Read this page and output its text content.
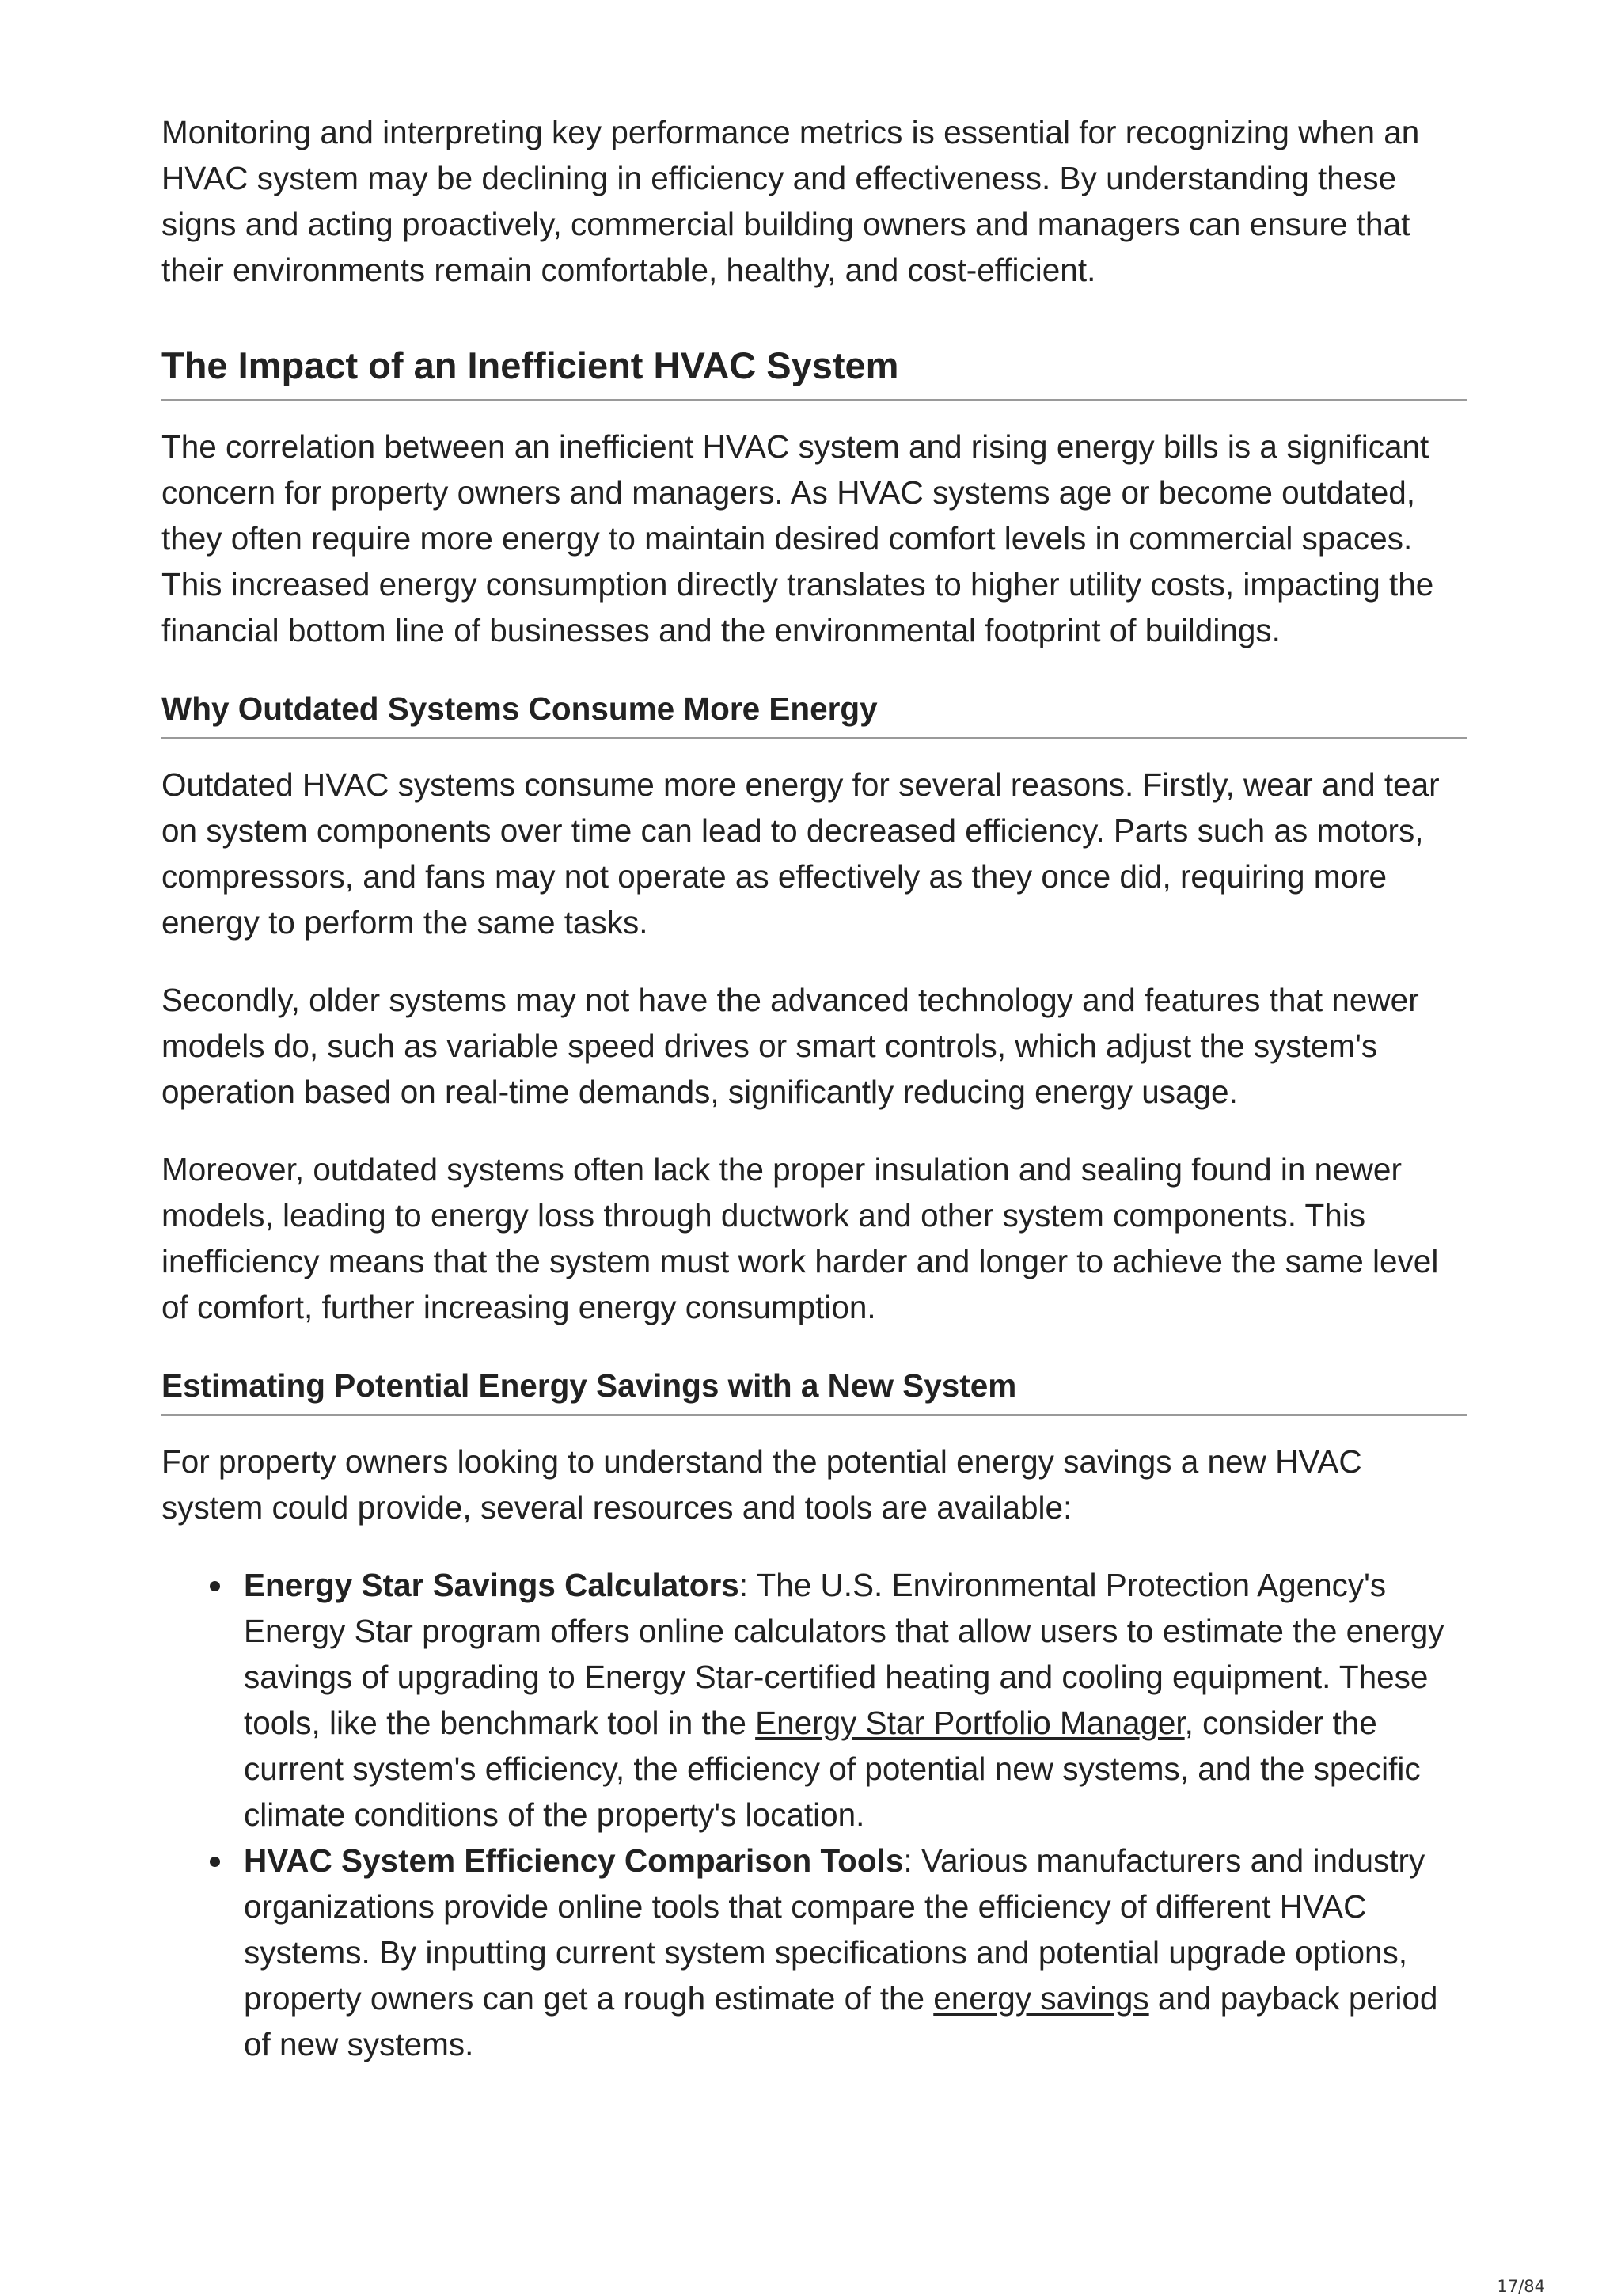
Monitoring and interpreting key performance metrics is essential for recognizing when an HVAC system may be declining in efficiency and effectiveness. By understanding these signs and acting proactively, commercial building owners and managers can ensure that their environments remain comfortable, healthy, and cost-efficient.

The Impact of an Inefficient HVAC System

The correlation between an inefficient HVAC system and rising energy bills is a significant concern for property owners and managers. As HVAC systems age or become outdated, they often require more energy to maintain desired comfort levels in commercial spaces. This increased energy consumption directly translates to higher utility costs, impacting the financial bottom line of businesses and the environmental footprint of buildings.

Why Outdated Systems Consume More Energy

Outdated HVAC systems consume more energy for several reasons. Firstly, wear and tear on system components over time can lead to decreased efficiency. Parts such as motors, compressors, and fans may not operate as effectively as they once did, requiring more energy to perform the same tasks.

Secondly, older systems may not have the advanced technology and features that newer models do, such as variable speed drives or smart controls, which adjust the system's operation based on real-time demands, significantly reducing energy usage.

Moreover, outdated systems often lack the proper insulation and sealing found in newer models, leading to energy loss through ductwork and other system components. This inefficiency means that the system must work harder and longer to achieve the same level of comfort, further increasing energy consumption.

Estimating Potential Energy Savings with a New System

For property owners looking to understand the potential energy savings a new HVAC system could provide, several resources and tools are available:

Energy Star Savings Calculators: The U.S. Environmental Protection Agency's Energy Star program offers online calculators that allow users to estimate the energy savings of upgrading to Energy Star-certified heating and cooling equipment. These tools, like the benchmark tool in the Energy Star Portfolio Manager, consider the current system's efficiency, the efficiency of potential new systems, and the specific climate conditions of the property's location.
HVAC System Efficiency Comparison Tools: Various manufacturers and industry organizations provide online tools that compare the efficiency of different HVAC systems. By inputting current system specifications and potential upgrade options, property owners can get a rough estimate of the energy savings and payback period of new systems.
17/84
